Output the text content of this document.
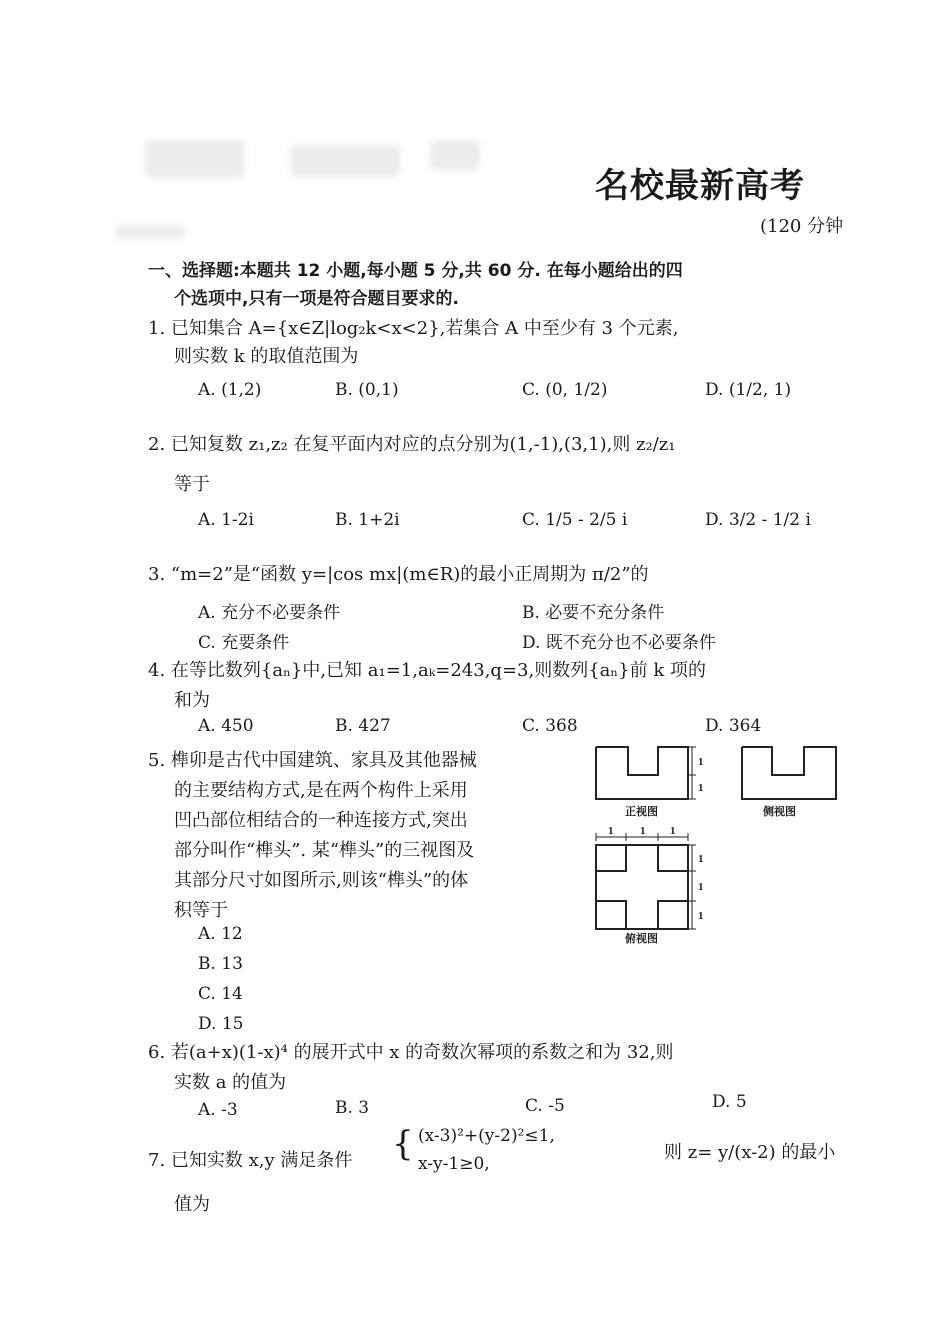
名校最新高考
(120 分钟
一、选择题:本题共 12 小题,每小题 5 分,共 60 分. 在每小题给出的四
个选项中,只有一项是符合题目要求的.
1. 已知集合 A={x∈Z|log₂k<x<2},若集合 A 中至少有 3 个元素,
则实数 k 的取值范围为
A. (1,2)	B. (0,1)	C. (0, 1/2)	D. (1/2, 1)
2. 已知复数 z₁,z₂ 在复平面内对应的点分别为(1,-1),(3,1),则 z₂/z₁
等于
A. 1-2i	B. 1+2i	C. 1/5 - 2/5 i	D. 3/2 - 1/2 i
3. “m=2”是“函数 y=|cos mx|(m∈R)的最小正周期为 π/2”的
A. 充分不必要条件	B. 必要不充分条件
C. 充要条件	D. 既不充分也不必要条件
4. 在等比数列{aₙ}中,已知 a₁=1,aₖ=243,q=3,则数列{aₙ}前 k 项的
和为
A. 450	B. 427	C. 368	D. 364
5. 榫卯是古代中国建筑、家具及其他器械
的主要结构方式,是在两个构件上采用
凹凸部位相结合的一种连接方式,突出
部分叫作“榫头”. 某“榫头”的三视图及
其部分尺寸如图所示,则该“榫头”的体
积等于
A. 12
B. 13
C. 14
D. 15
1
1
1 1 1
1
1
1
正视图	侧视图
俯视图
6. 若(a+x)(1-x)⁴ 的展开式中 x 的奇数次幂项的系数之和为 32,则
实数 a 的值为
A. -3	B. 3	C. -5	D. 5
7. 已知实数 x,y 满足条件 { (x-3)²+(y-2)²≤1,
x-y-1≥0,
则 z= y/(x-2) 的最小
值为
